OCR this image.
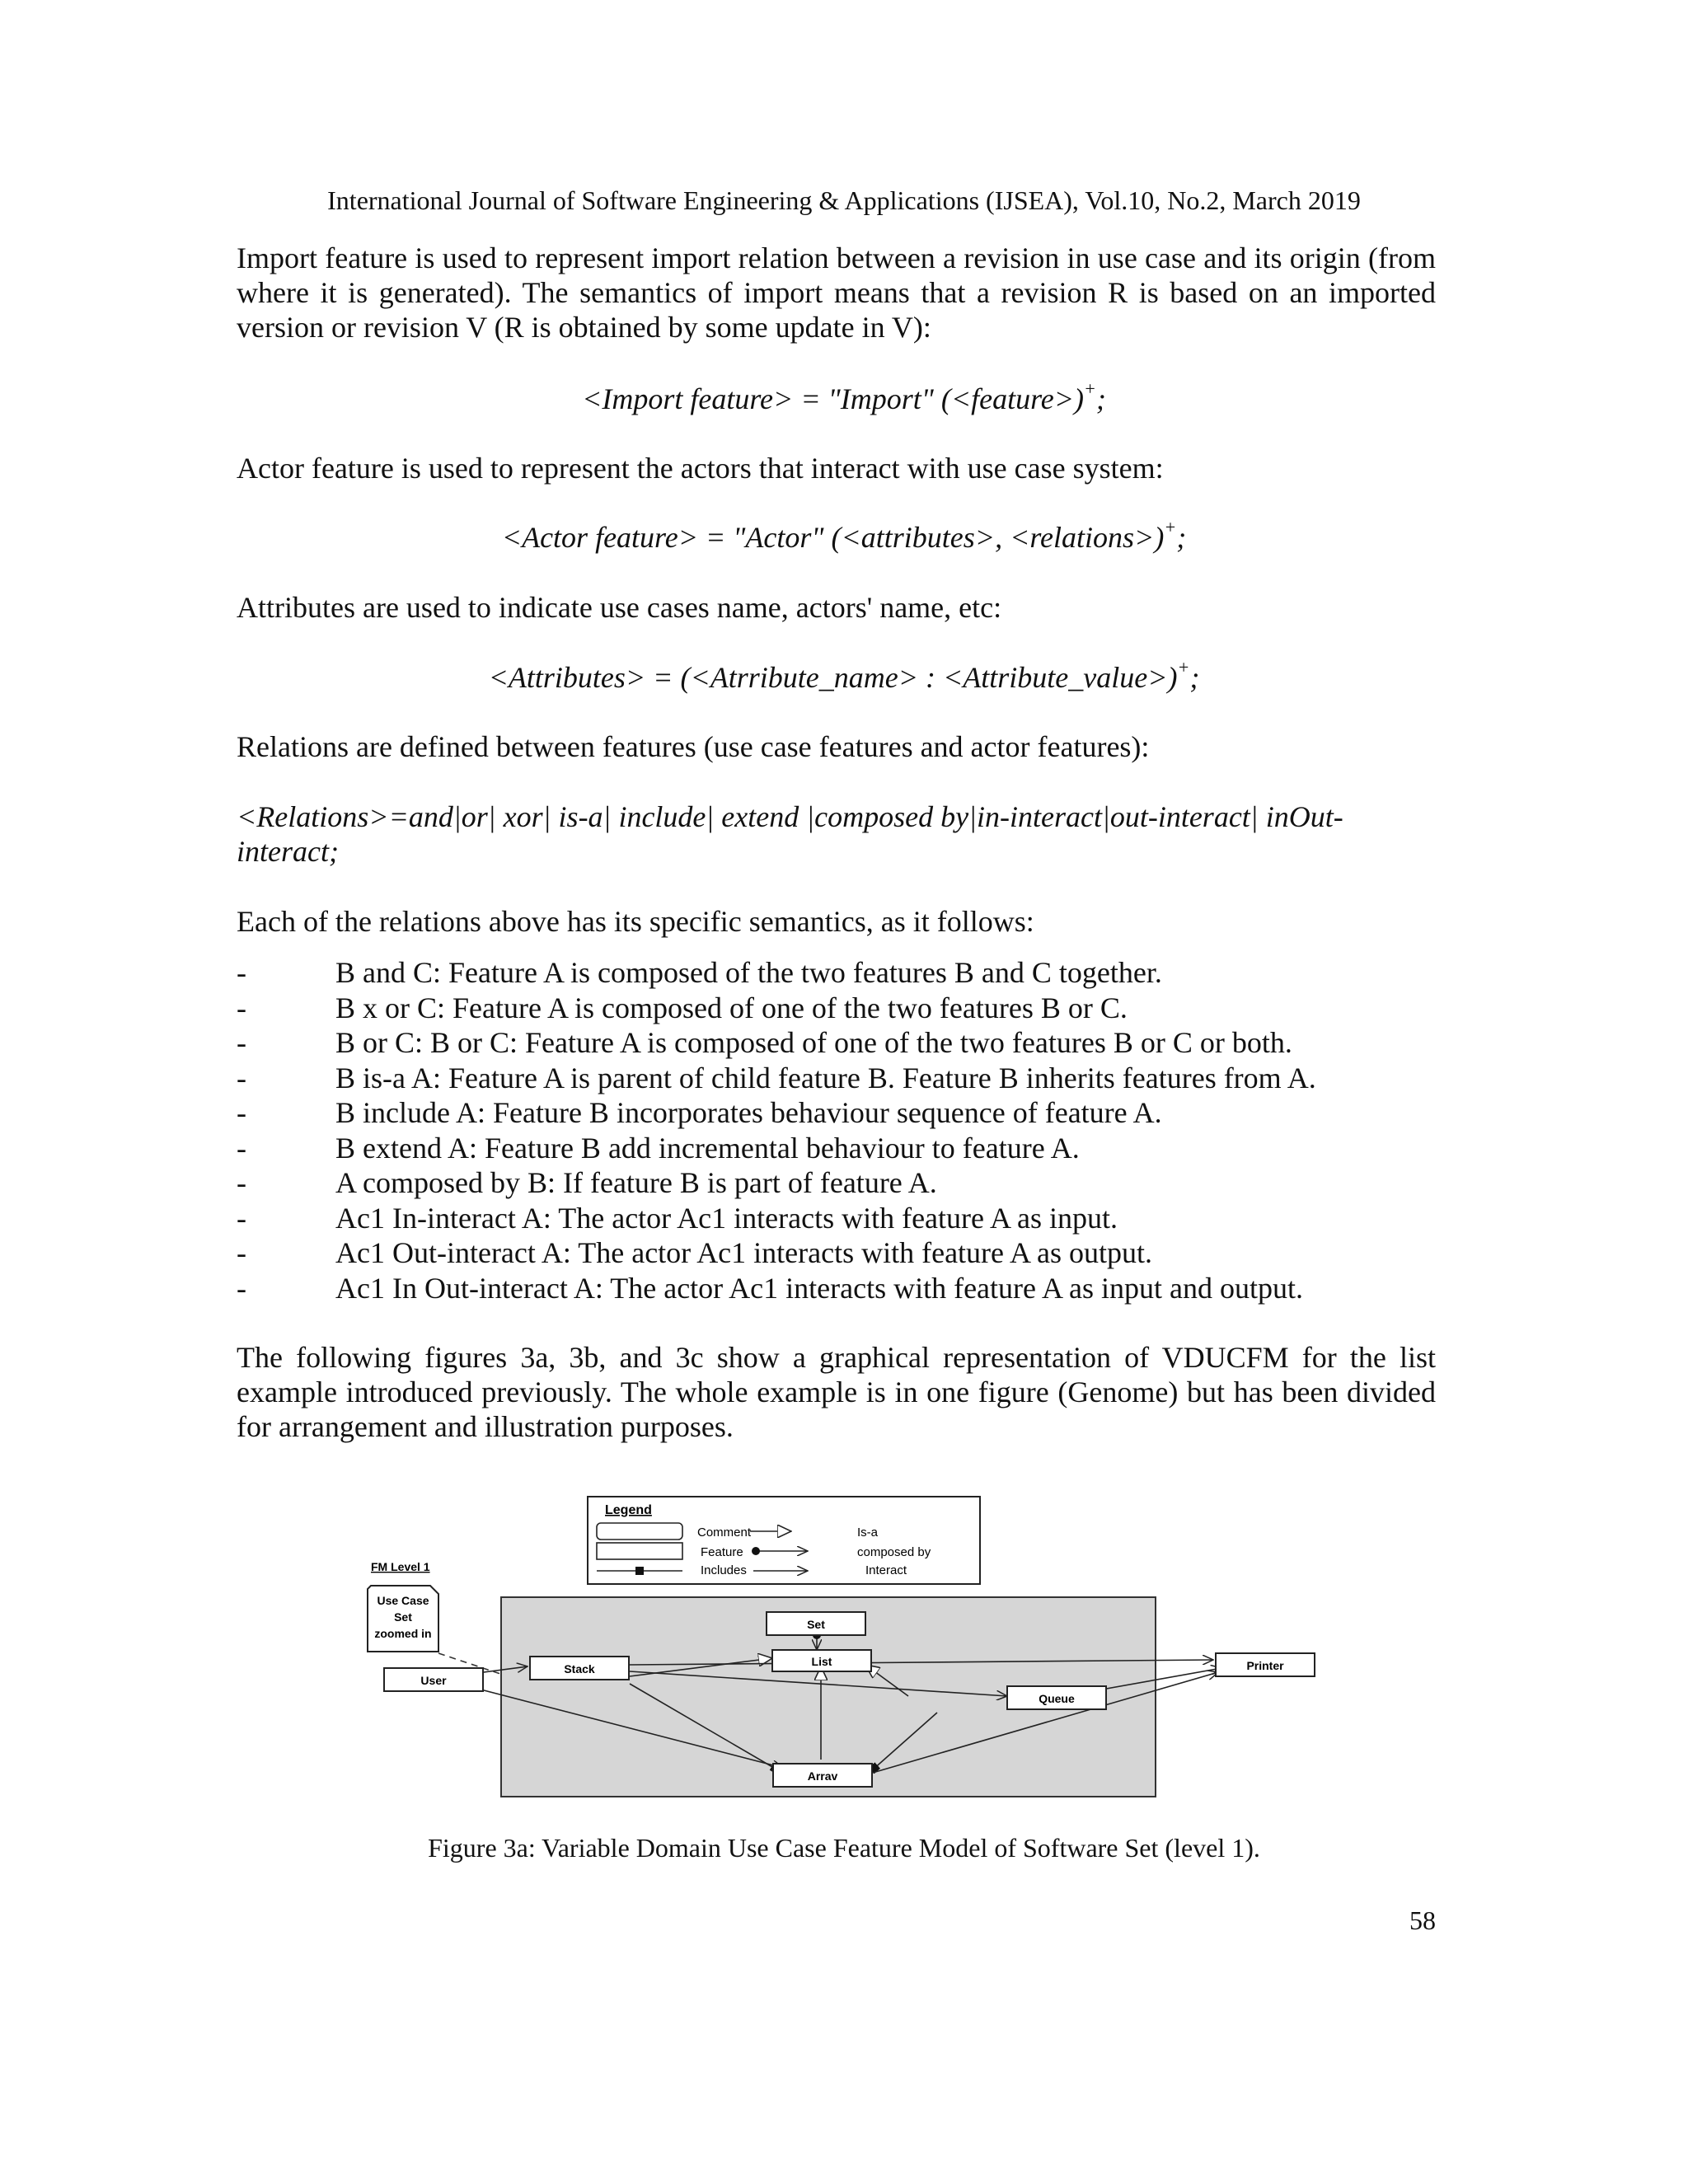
International Journal of Software Engineering & Applications (IJSEA), Vol.10, No.2, March 2019

Import feature is used to represent import relation between a revision in use case and its origin (from where it is generated). The semantics of import means that a revision R is based on an imported version or revision V (R is obtained by some update in V):

<Import feature> = "Import" (<feature>)+;

Actor feature is used to represent the actors that interact with use case system:

<Actor feature> = "Actor" (<attributes>, <relations>)+;

Attributes are used to indicate use cases name, actors' name, etc:

<Attributes> = (<Atrribute_name> : <Attribute_value>)+;

Relations are defined between features (use case features and actor features):

<Relations>=and|or| xor| is-a| include| extend |composed by|in-interact|out-interact| inOut-interact;

Each of the relations above has its specific semantics, as it follows:

-	B and C: Feature A is composed of the two features B and C together.
-	B x or C: Feature A is composed of one of the two features B or C.
-	B or C: B or C: Feature A is composed of one of the two features B or C or both.
-	B is-a A: Feature A is parent of child feature B. Feature B inherits features from A.
-	B include A: Feature B incorporates behaviour sequence of feature A.
-	B extend A: Feature B add incremental behaviour to feature A.
-	A composed by B: If feature B is part of feature A.
-	Ac1 In-interact A: The actor Ac1 interacts with feature A as input.
-	Ac1 Out-interact A: The actor Ac1 interacts with feature A as output.
-	Ac1 In Out-interact A: The actor Ac1 interacts with feature A as input and output.

The following figures 3a, 3b, and 3c show a graphical representation of VDUCFM for the list example introduced previously. The whole example is in one figure (Genome) but has been divided for arrangement and illustration purposes.

Legend
Comment
Feature
Includes
Is-a
composed by
Interact
FM Level 1
Use Case
Set
zoomed in
Set
List
Stack
Queue
Arrav
User
Printer
Figure 3a: Variable Domain Use Case Feature Model of Software Set (level 1).
58
